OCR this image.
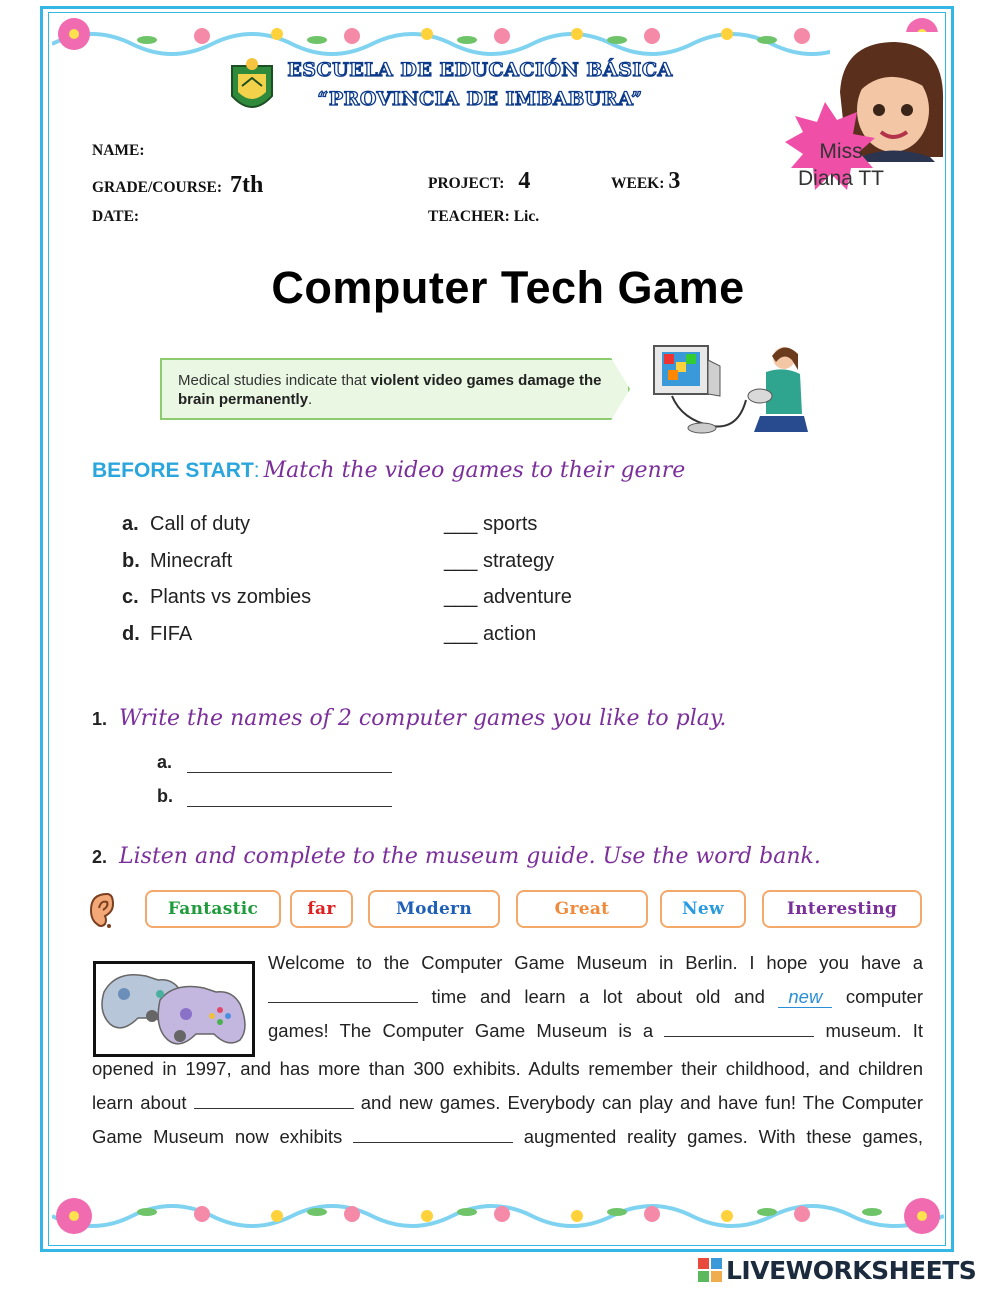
ESCUELA DE EDUCACIÓN BÁSICA
“PROVINCIA DE IMBABURA”
Miss
Diana TT
NAME:
GRADE/COURSE: 7th	PROJECT: 4	WEEK: 3
DATE:	TEACHER: Lic.
Computer Tech Game
Medical studies indicate that violent video games damage the brain permanently.
BEFORE START: Match the video games to their genre
a. Call of duty
b. Minecraft
c. Plants vs zombies
d. FIFA
___ sports
___ strategy
___ adventure
___ action
1. Write the names of 2 computer games you like to play.
a.
b.
2. Listen and complete to the museum guide. Use the word bank.
Fantastic	far	Modern	Great	New	Interesting
Welcome to the Computer Game Museum in Berlin. I hope you have a
time and learn a lot about old and new computer
games! The Computer Game Museum is a	museum. It
opened in 1997, and has more than 300 exhibits. Adults remember their childhood, and children
learn about	and new games. Everybody can play and have fun! The Computer
Game Museum now exhibits	augmented reality games. With these games,
LIVEWORKSHEETS
